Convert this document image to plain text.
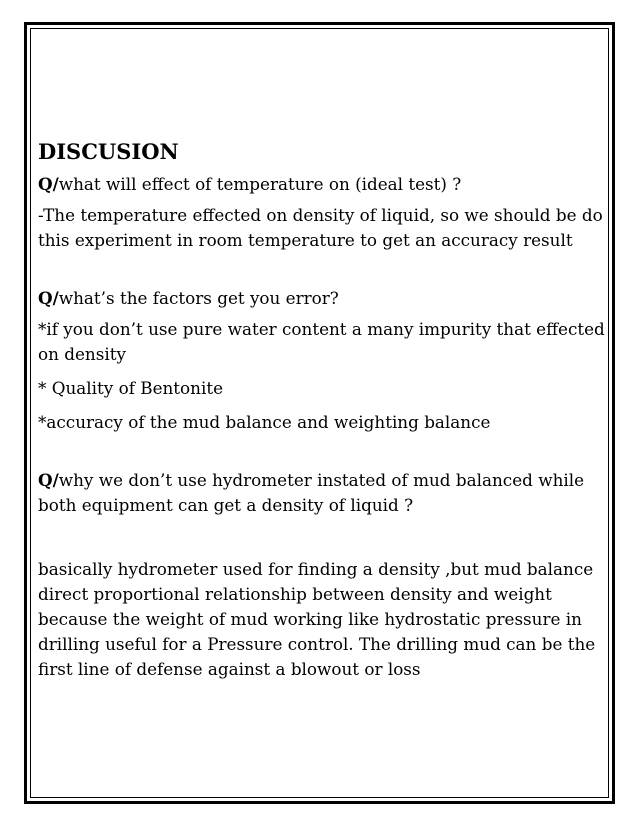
DISCUSION

Q/what will effect of temperature on (ideal test) ?

-The temperature effected on density of liquid, so we should be do this experiment in room temperature to get an accuracy result

Q/what’s the factors get you error?

*if you don’t use pure water content a many impurity that effected on density

* Quality of Bentonite

*accuracy of the mud balance and weighting balance

Q/why we don’t use hydrometer instated of mud balanced while both equipment can get a density of liquid ?

basically hydrometer used for finding a density ,but mud balance direct proportional relationship between density and weight because the weight of mud working like hydrostatic pressure in drilling useful for a Pressure control. The drilling mud can be the first line of defense against a blowout or loss
